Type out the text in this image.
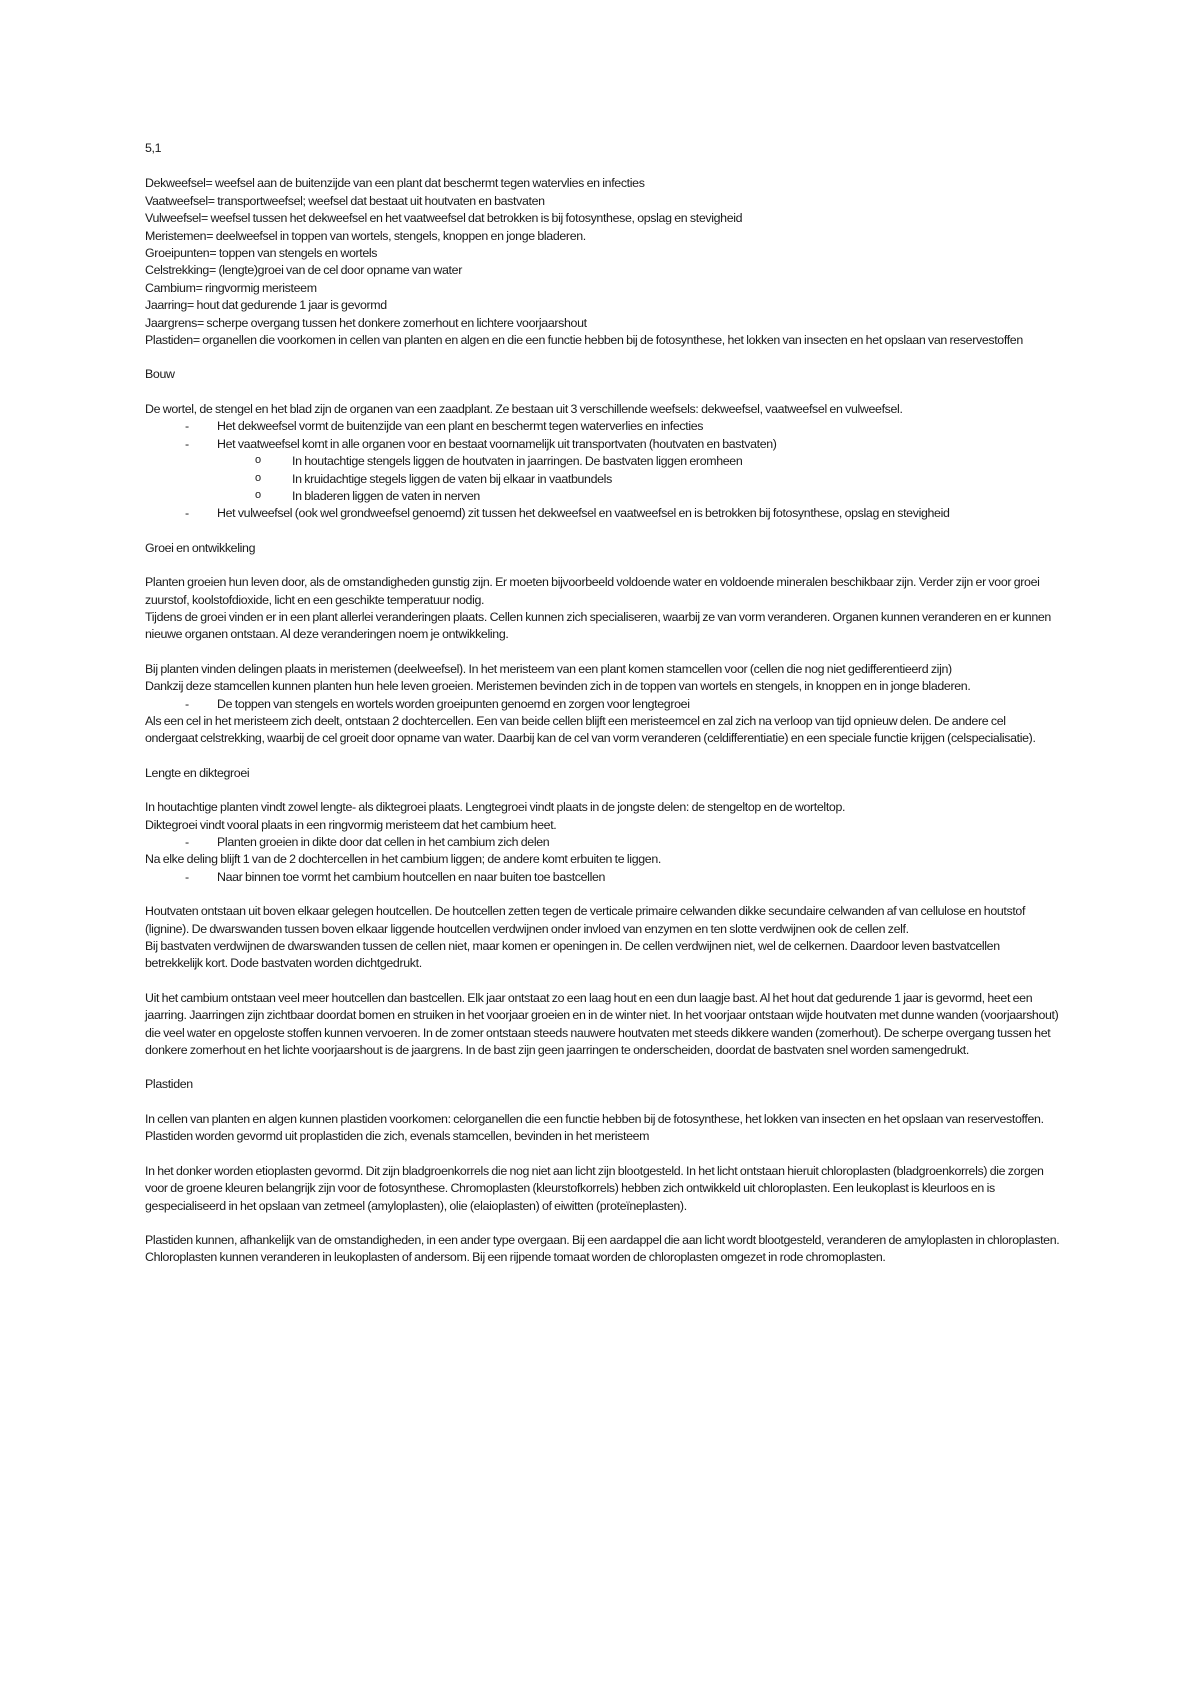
5,1

Dekweefsel= weefsel aan de buitenzijde van een plant dat beschermt tegen watervlies en infecties

Vaatweefsel= transportweefsel; weefsel dat bestaat uit houtvaten en bastvaten

Vulweefsel= weefsel tussen het dekweefsel en het vaatweefsel dat betrokken is bij fotosynthese, opslag en stevigheid

Meristemen= deelweefsel in toppen van wortels, stengels, knoppen en jonge bladeren.

Groeipunten= toppen van stengels en wortels

Celstrekking= (lengte)groei van de cel door opname van water

Cambium= ringvormig meristeem

Jaarring= hout dat gedurende 1 jaar is gevormd

Jaargrens= scherpe overgang tussen het donkere zomerhout en lichtere voorjaarshout

Plastiden= organellen die voorkomen in cellen van planten en algen en die een functie hebben bij de fotosynthese, het lokken van insecten en het opslaan van reservestoffen

Bouw

De wortel, de stengel en het blad zijn de organen van een zaadplant. Ze bestaan uit 3 verschillende weefsels: dekweefsel, vaatweefsel en vulweefsel.

- Het dekweefsel vormt de buitenzijde van een plant en beschermt tegen waterverlies en infecties
- Het vaatweefsel komt in alle organen voor en bestaat voornamelijk uit transportvaten (houtvaten en bastvaten)
o In houtachtige stengels liggen de houtvaten in jaarringen. De bastvaten liggen eromheen
o In kruidachtige stegels liggen de vaten bij elkaar in vaatbundels
o In bladeren liggen de vaten in nerven
- Het vulweefsel (ook wel grondweefsel genoemd) zit tussen het dekweefsel en vaatweefsel en is betrokken bij fotosynthese, opslag en stevigheid

Groei en ontwikkeling

Planten groeien hun leven door, als de omstandigheden gunstig zijn. Er moeten bijvoorbeeld voldoende water en voldoende mineralen beschikbaar zijn. Verder zijn er voor groei zuurstof, koolstofdioxide, licht en een geschikte temperatuur nodig.

Tijdens de groei vinden er in een plant allerlei veranderingen plaats. Cellen kunnen zich specialiseren, waarbij ze van vorm veranderen. Organen kunnen veranderen en er kunnen nieuwe organen ontstaan. Al deze veranderingen noem je ontwikkeling.

Bij planten vinden delingen plaats in meristemen (deelweefsel). In het meristeem van een plant komen stamcellen voor (cellen die nog niet gedifferentieerd zijn)

Dankzij deze stamcellen kunnen planten hun hele leven groeien. Meristemen bevinden zich in de toppen van wortels en stengels, in knoppen en in jonge bladeren.

- De toppen van stengels en wortels worden groeipunten genoemd en zorgen voor lengtegroei

Als een cel in het meristeem zich deelt, ontstaan 2 dochtercellen. Een van beide cellen blijft een meristeemcel en zal zich na verloop van tijd opnieuw delen. De andere cel ondergaat celstrekking, waarbij de cel groeit door opname van water. Daarbij kan de cel van vorm veranderen (celdifferentiatie) en een speciale functie krijgen (celspecialisatie).

Lengte en diktegroei

In houtachtige planten vindt zowel lengte- als diktegroei plaats. Lengtegroei vindt plaats in de jongste delen: de stengeltop en de worteltop.

Diktegroei vindt vooral plaats in een ringvormig meristeem dat het cambium heet.

- Planten groeien in dikte door dat cellen in het cambium zich delen

Na elke deling blijft 1 van de 2 dochtercellen in het cambium liggen; de andere komt erbuiten te liggen.

- Naar binnen toe vormt het cambium houtcellen en naar buiten toe bastcellen

Houtvaten ontstaan uit boven elkaar gelegen houtcellen. De houtcellen zetten tegen de verticale primaire celwanden dikke secundaire celwanden af van cellulose en houtstof (lignine). De dwarswanden tussen boven elkaar liggende houtcellen verdwijnen onder invloed van enzymen en ten slotte verdwijnen ook de cellen zelf.

Bij bastvaten verdwijnen de dwarswanden tussen de cellen niet, maar komen er openingen in. De cellen verdwijnen niet, wel de celkernen. Daardoor leven bastvatcellen betrekkelijk kort. Dode bastvaten worden dichtgedrukt.

Uit het cambium ontstaan veel meer houtcellen dan bastcellen. Elk jaar ontstaat zo een laag hout en een dun laagje bast. Al het hout dat gedurende 1 jaar is gevormd, heet een jaarring. Jaarringen zijn zichtbaar doordat bomen en struiken in het voorjaar groeien en in de winter niet. In het voorjaar ontstaan wijde houtvaten met dunne wanden (voorjaarshout) die veel water en opgeloste stoffen kunnen vervoeren. In de zomer ontstaan steeds nauwere houtvaten met steeds dikkere wanden (zomerhout). De scherpe overgang tussen het donkere zomerhout en het lichte voorjaarshout is de jaargrens. In de bast zijn geen jaarringen te onderscheiden, doordat de bastvaten snel worden samengedrukt.

Plastiden

In cellen van planten en algen kunnen plastiden voorkomen: celorganellen die een functie hebben bij de fotosynthese, het lokken van insecten en het opslaan van reservestoffen. Plastiden worden gevormd uit proplastiden die zich, evenals stamcellen, bevinden in het meristeem

In het donker worden etioplasten gevormd. Dit zijn bladgroenkorrels die nog niet aan licht zijn blootgesteld. In het licht ontstaan hieruit chloroplasten (bladgroenkorrels) die zorgen voor de groene kleuren belangrijk zijn voor de fotosynthese. Chromoplasten (kleurstofkorrels) hebben zich ontwikkeld uit chloroplasten. Een leukoplast is kleurloos en is gespecialiseerd in het opslaan van zetmeel (amyloplasten), olie (elaioplasten) of eiwitten (proteïneplasten).

Plastiden kunnen, afhankelijk van de omstandigheden, in een ander type overgaan. Bij een aardappel die aan licht wordt blootgesteld, veranderen de amyloplasten in chloroplasten. Chloroplasten kunnen veranderen in leukoplasten of andersom. Bij een rijpende tomaat worden de chloroplasten omgezet in rode chromoplasten.
